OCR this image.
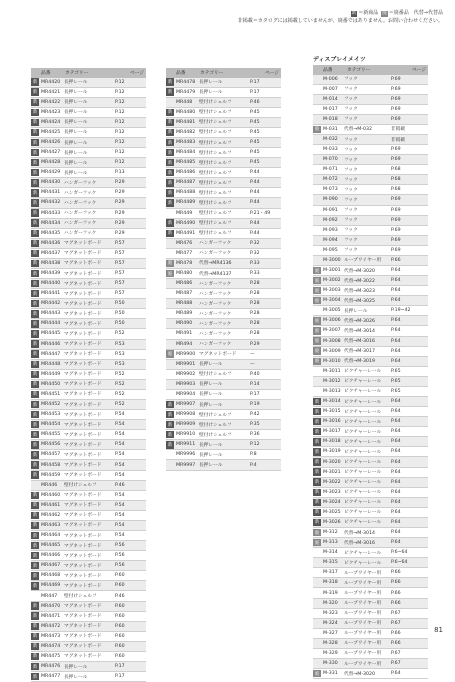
新 ＝新商品 廃 ＝廃番品　代替→代替品
非掲載＝カタログには掲載していませんが、廃番ではありません。お問い合わせください。
品番	カテゴリー	ページ
新 MR4420 長押レール	P.12
新 MR4421 長押レール	P.12
新 MR4422 長押レール	P.12
新 MR4423 長押レール	P.12
新 MR4424 長押レール	P.12
新 MR4425 長押レール	P.12
新 MR4426 長押レール	P.12
新 MR4427 長押レール	P.12
新 MR4428 長押レール	P.12
新 MR4429 長押レール	P.13
新 MR4430 ハンガーフック	P.29
新 MR4431 ハンガーフック	P.29
新 MR4432 ハンガーフック	P.29
新 MR4433 ハンガーフック	P.29
新 MR4434 ハンガーフック	P.29
新 MR4435 ハンガーフック	P.29
新 MR4436 マグネットボード	P.57
新 MR4437 マグネットボード	P.57
新 MR4438 マグネットボード	P.57
新 MR4439 マグネットボード	P.57
新 MR4440 マグネットボード	P.57
新 MR4441 マグネットボード	P.57
新 MR4442 マグネットボード	P.50
新 MR4443 マグネットボード	P.50
新 MR4444 マグネットボード	P.50
新 MR4445 マグネットボード	P.52
新 MR4446 マグネットボード	P.53
新 MR4447 マグネットボード	P.53
新 MR4448 マグネットボード	P.53
新 MR4449 マグネットボード	P.52
新 MR4450 マグネットボード	P.52
新 MR4451 マグネットボード	P.52
新 MR4452 マグネットボード	P.52
新 MR4453 マグネットボード	P.54
新 MR4454 マグネットボード	P.54
新 MR4455 マグネットボード	P.54
新 MR4456 マグネットボード	P.54
新 MR4457 マグネットボード	P.54
新 MR4458 マグネットボード	P.54
新 MR4459 マグネットボード	P.54
MR446	壁付けシェルフ	P.46
新 MR4460 マグネットボード	P.54
新 MR4461 マグネットボード	P.54
新 MR4462 マグネットボード	P.54
新 MR4463 マグネットボード	P.54
新 MR4464 マグネットボード	P.54
新 MR4465 マグネットボード	P.56
新 MR4466 マグネットボード	P.56
新 MR4467 マグネットボード	P.56
新 MR4468 マグネットボード	P.60
新 MR4469 マグネットボード	P.60
MR447	壁付けシェルフ	P.46
新 MR4470 マグネットボード	P.60
新 MR4471 マグネットボード	P.60
新 MR4472 マグネットボード	P.60
新 MR4473 マグネットボード	P.60
新 MR4474 マグネットボード	P.60
新 MR4475 マグネットボード	P.60
新 MR4476 長押レール	P.17
新 MR4477 長押レール	P.17
品番	カテゴリー	ページ
新 MR4478 長押レール	P.17
新 MR4479 長押レール	P.17
MR448	壁付けシェルフ	P.46
新 MR4480 壁付けシェルフ	P.45
新 MR4481 壁付けシェルフ	P.45
新 MR4482 壁付けシェルフ	P.45
新 MR4483 壁付けシェルフ	P.45
新 MR4484 壁付けシェルフ	P.45
新 MR4485 壁付けシェルフ	P.45
新 MR4486 壁付けシェルフ	P.44
新 MR4487 壁付けシェルフ	P.44
新 MR4488 壁付けシェルフ	P.44
新 MR4489 壁付けシェルフ	P.44
MR449	壁付けシェルフ	P.21・49
新 MR4490 壁付けシェルフ	P.44
新 MR4491 壁付けシェルフ	P.44
MR476	ハンガーフック	P.32
MR477	ハンガーフック	P.32
廃 MR478	代替→MR4136	P.33
廃 MR480	代替→MR4137	P.33
MR486	ハンガーフック	P.28
MR487	ハンガーフック	P.28
MR488	ハンガーフック	P.28
MR489	ハンガーフック	P.28
MR490	ハンガーフック	P.28
MR491	ハンガーフック	P.28
MR494	ハンガーフック	P.29
廃 MR9900 マグネットボード	—
MR9901 長押レール	—
MR9902 壁付けシェルフ	P.40
MR9903 長押レール	P.14
MR9904 長押レール	P.17
新 MR9907 長押レール	P.19
新 MR9908 壁付けシェルフ	P.42
新 MR9909 壁付けシェルフ	P.35
新 MR9910 壁付けシェルフ	P.36
新 MR9911 長押レール	P.12
MR9996 長押レール	P.8
MR9997 長押レール	P.4
ディスプレイメイツ
品番	カテゴリー	ページ
M-006	フック	P.69
M-007	フック	P.69
M-014	フック	P.69
M-017	フック	P.69
M-018	フック	P.69
廃 M-031	代替→M-032	非掲載
M-032	フック	非掲載
M-033	フック	P.69
M-070	フック	P.69
M-071	フック	P.68
M-072	フック	P.68
M-073	フック	P.68
M-090	フック	P.69
M-091	フック	P.69
M-092	フック	P.69
M-093	フック	P.69
M-094	フック	P.69
M-095	フック	P.69
M-3000 ループワイヤー用	P.66
廃 M-3001 代替→M-3020	P.64
廃 M-3002 代替→M-3022	P.64
廃 M-3003 代替→M-3023	P.64
廃 M-3004 代替→M-3025	P.64
M-3005 長押レール	P.19~42
廃 M-3006 代替→M-3026	P.64
廃 M-3007 代替→M-3014	P.64
廃 M-3008 代替→M-3016	P.64
廃 M-3009 代替→M-3017	P.64
廃 M-3010 代替→M-3019	P.64
M-3011 ピクチャーレール	P.65
M-3012 ピクチャーレール	P.65
M-3013 ピクチャーレール	P.65
新 M-3014 ピクチャーレール	P.64
新 M-3015 ピクチャーレール	P.64
新 M-3016 ピクチャーレール	P.64
新 M-3017 ピクチャーレール	P.64
新 M-3018 ピクチャーレール	P.64
新 M-3019 ピクチャーレール	P.64
新 M-3020 ピクチャーレール	P.64
新 M-3021 ピクチャーレール	P.64
新 M-3022 ピクチャーレール	P.64
新 M-3023 ピクチャーレール	P.64
新 M-3024 ピクチャーレール	P.64
新 M-3025 ピクチャーレール	P.64
新 M-3026 ピクチャーレール	P.64
廃 M-312	代替→M-3014	P.64
廃 M-313	代替→M-3016	P.64
M-314	ピクチャーレール	P.6~64
M-315	ピクチャーレール	P.6~64
M-317	ループワイヤー用	P.66
M-318	ループワイヤー用	P.66
M-319	ループワイヤー用	P.66
M-320	ループワイヤー用	P.66
M-323	ループワイヤー用	P.67
M-324	ループワイヤー用	P.67
M-327	ループワイヤー用	P.66
M-328	ループワイヤー用	P.66
M-329	ループワイヤー用	P.67
M-330	ループワイヤー用	P.67
廃 M-331	代替→M-3020	P.64
81
